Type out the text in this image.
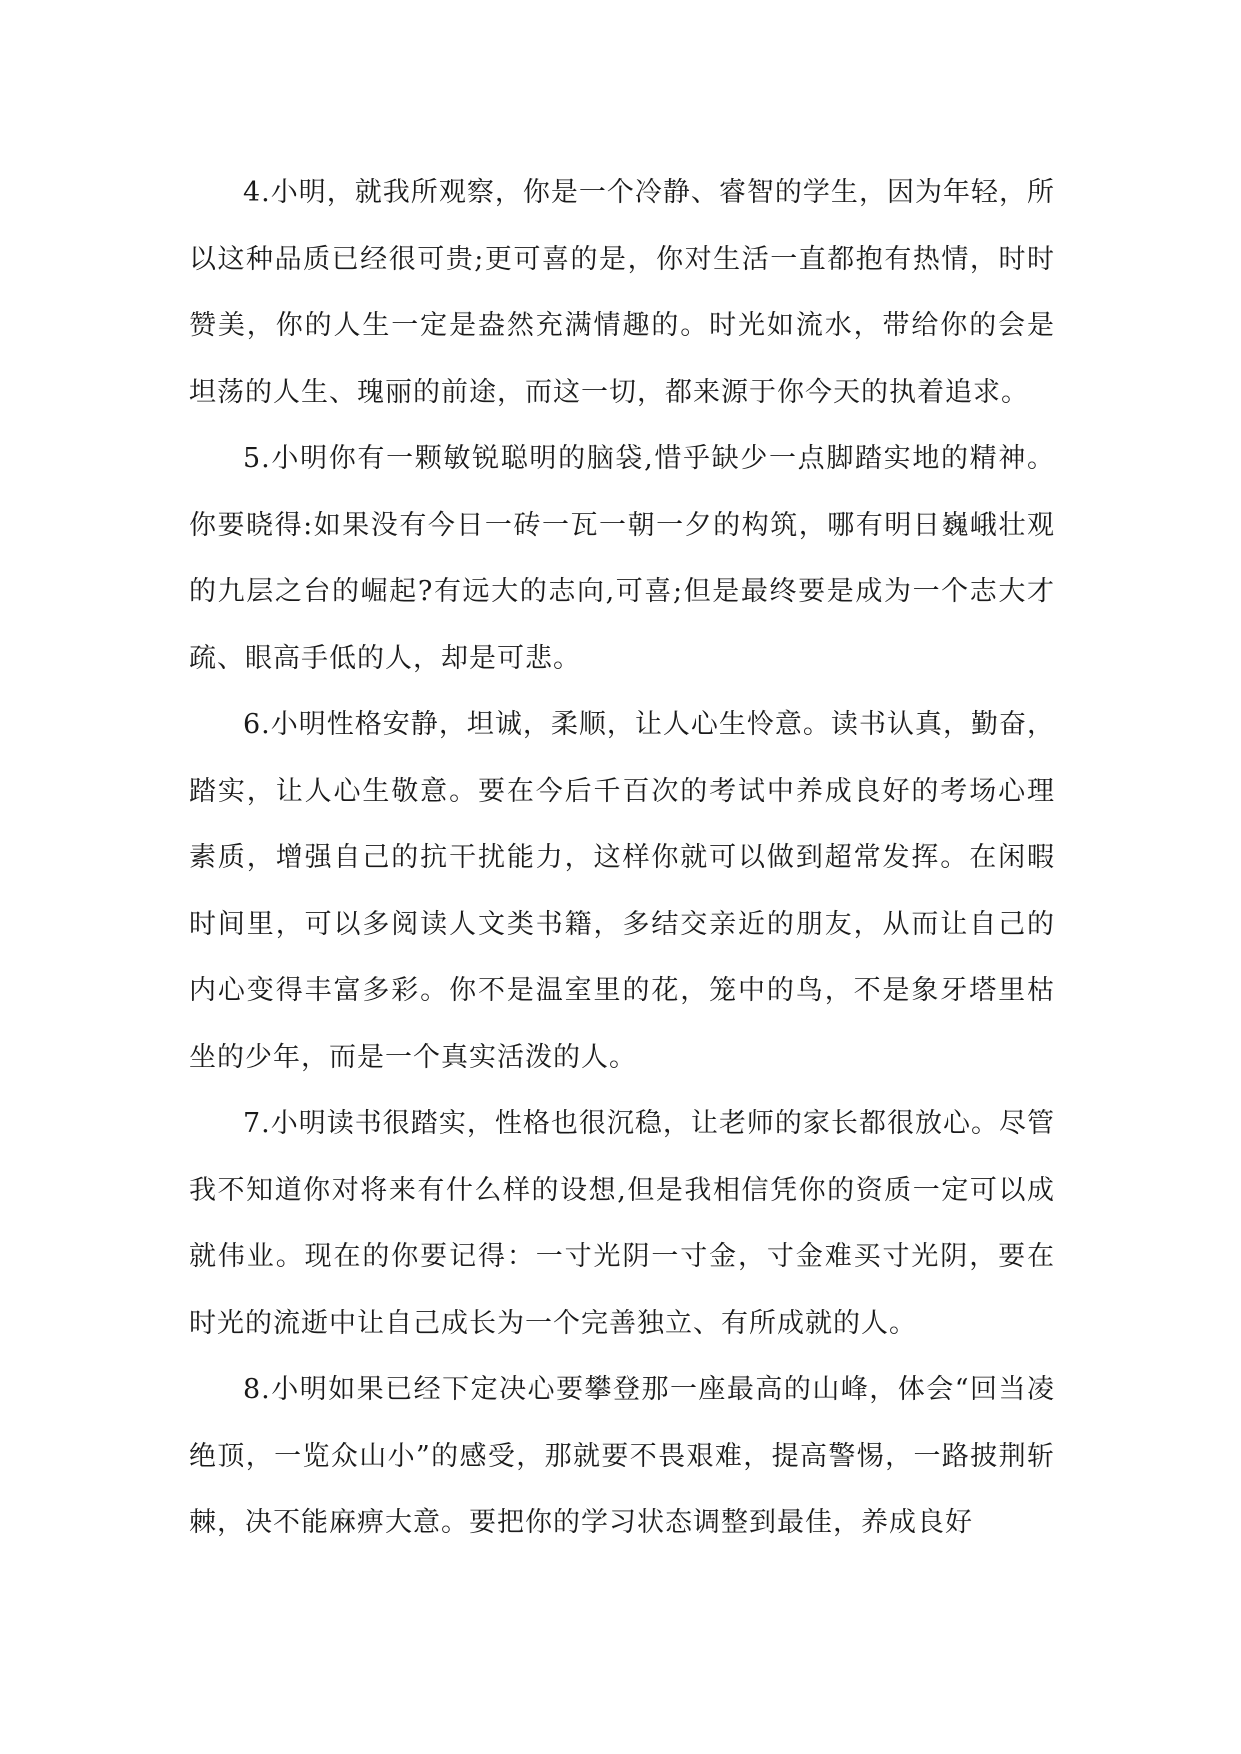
4.小明，就我所观察，你是一个冷静、睿智的学生，因为年轻，所以这种品质已经很可贵;更可喜的是，你对生活一直都抱有热情，时时赞美，你的人生一定是盎然充满情趣的。时光如流水，带给你的会是坦荡的人生、瑰丽的前途，而这一切，都来源于你今天的执着追求。

5.小明你有一颗敏锐聪明的脑袋,惜乎缺少一点脚踏实地的精神。你要晓得:如果没有今日一砖一瓦一朝一夕的构筑，哪有明日巍峨壮观的九层之台的崛起?有远大的志向,可喜;但是最终要是成为一个志大才疏、眼高手低的人，却是可悲。

6.小明性格安静，坦诚，柔顺，让人心生怜意。读书认真，勤奋，踏实，让人心生敬意。要在今后千百次的考试中养成良好的考场心理素质，增强自己的抗干扰能力，这样你就可以做到超常发挥。在闲暇时间里，可以多阅读人文类书籍，多结交亲近的朋友，从而让自己的内心变得丰富多彩。你不是温室里的花，笼中的鸟，不是象牙塔里枯坐的少年，而是一个真实活泼的人。

7.小明读书很踏实，性格也很沉稳，让老师的家长都很放心。尽管我不知道你对将来有什么样的设想,但是我相信凭你的资质一定可以成就伟业。现在的你要记得：一寸光阴一寸金，寸金难买寸光阴，要在时光的流逝中让自己成长为一个完善独立、有所成就的人。

8.小明如果已经下定决心要攀登那一座最高的山峰，体会“回当凌绝顶，一览众山小”的感受，那就要不畏艰难，提高警惕，一路披荆斩棘，决不能麻痹大意。要把你的学习状态调整到最佳，养成良好
